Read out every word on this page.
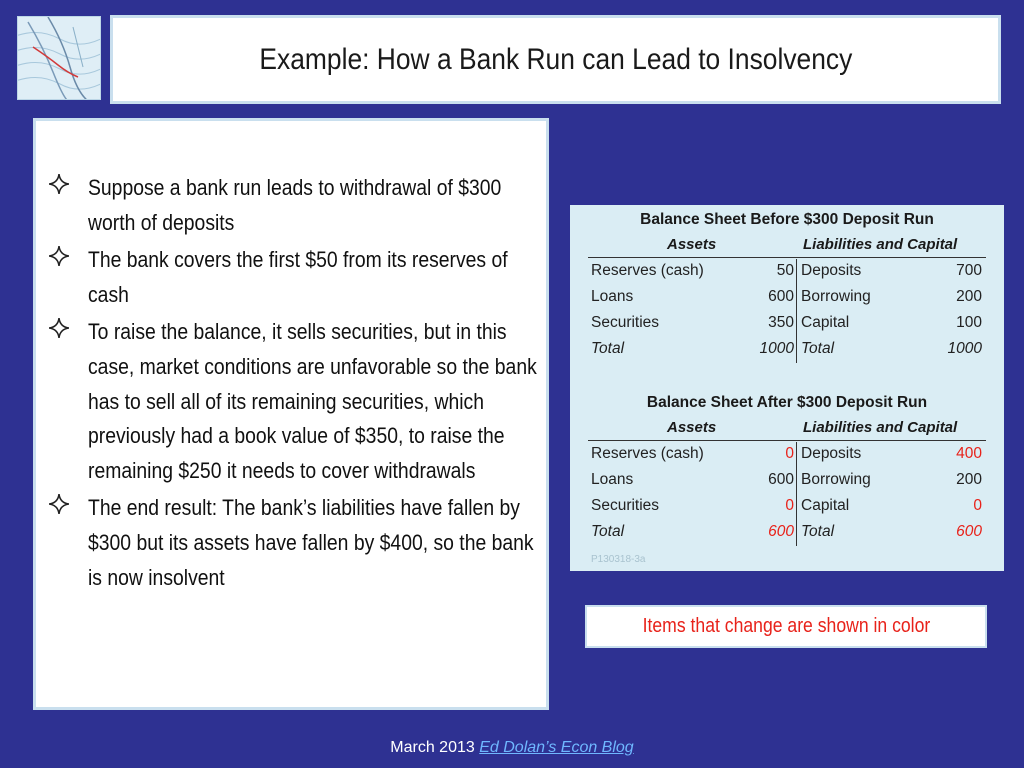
Example: How a Bank Run can Lead to Insolvency
Suppose a bank run leads to withdrawal of $300 worth of deposits
The bank covers the first $50 from its reserves of cash
To raise the balance, it sells securities, but in this case, market conditions are unfavorable so the bank has to sell all of its remaining securities, which previously had a book value of $350, to raise the remaining $250 it needs to cover withdrawals
The end result: The bank’s liabilities have fallen by $300 but its assets have fallen by $400, so the bank is now insolvent
Balance Sheet Before $300 Deposit Run
Assets	Liabilities and Capital
Reserves (cash)	50 Deposits	700
Loans	600 Borrowing	200
Securities	350 Capital	100
Total	1000 Total	1000
Balance Sheet After $300 Deposit Run
Assets	Liabilities and Capital
Reserves (cash)	0 Deposits	400
Loans	600 Borrowing	200
Securities	0 Capital	0
Total	600 Total	600
P130318-3a
Items that change are shown in color
March 2013 Ed Dolan’s Econ Blog
